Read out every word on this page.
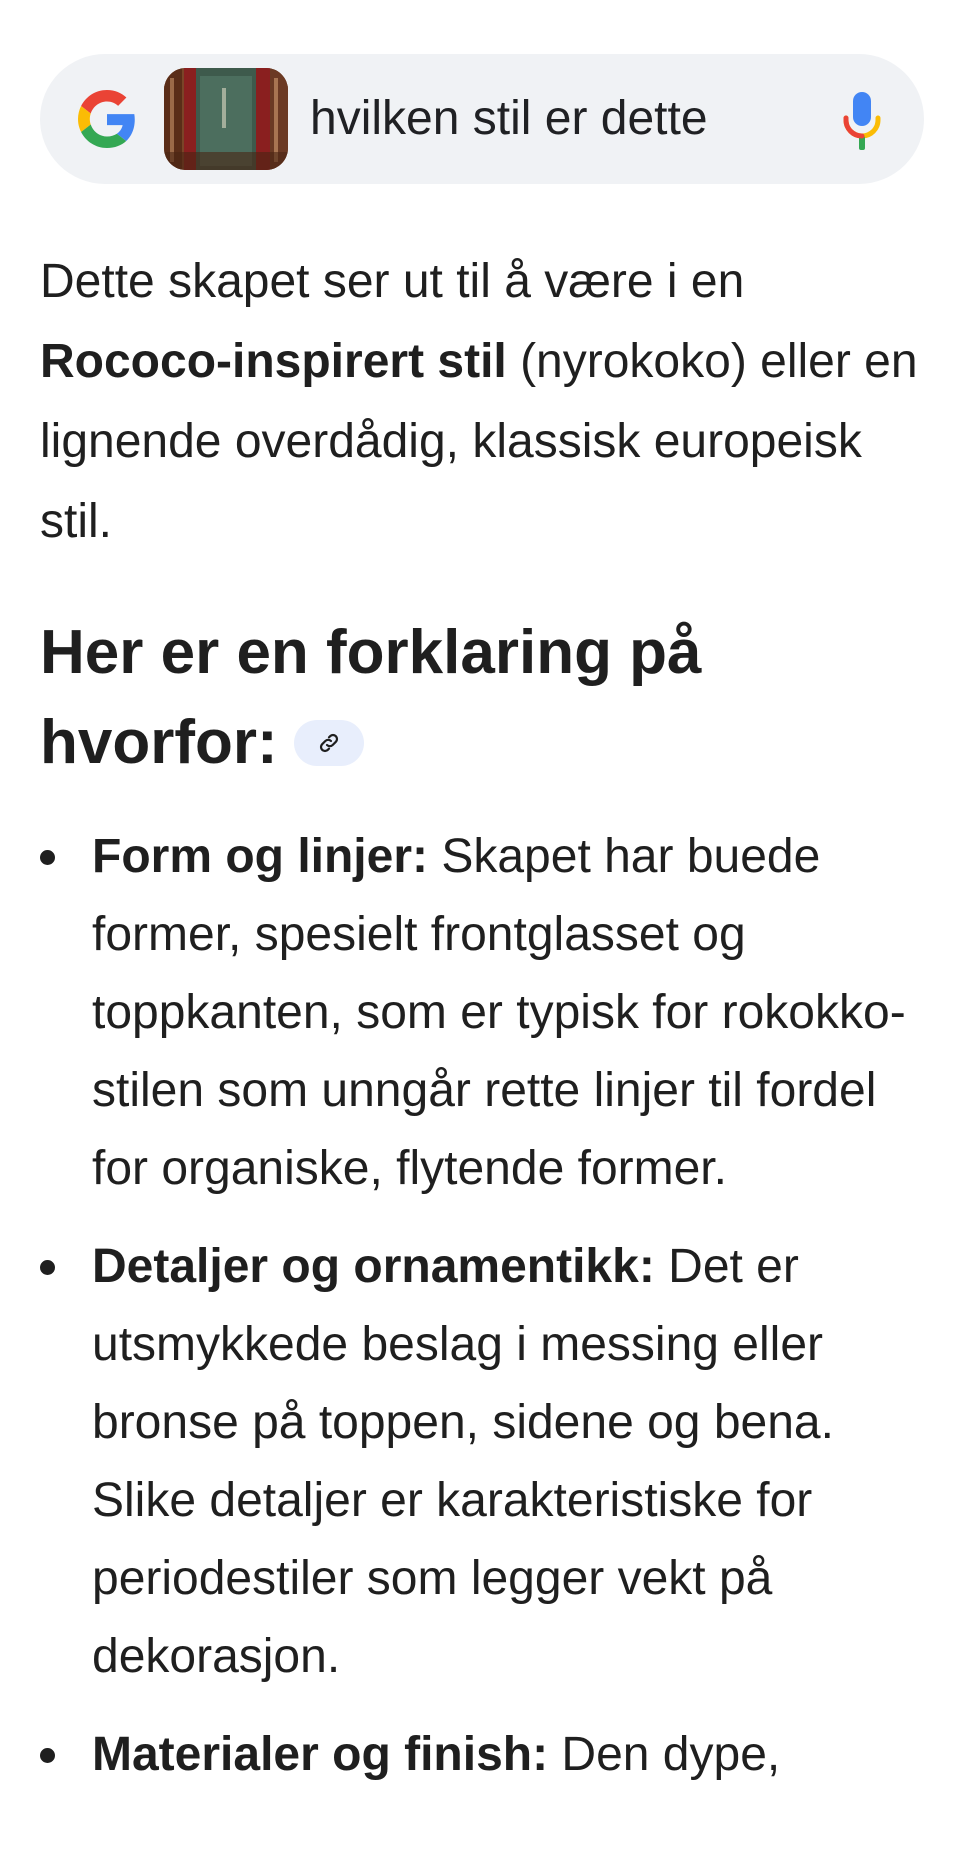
hvilken stil er dette

Dette skapet ser ut til å være i en Rococo-inspirert stil (nyrokoko) eller en lignende overdådig, klassisk europeisk stil.

Her er en forklaring på hvorfor:
Form og linjer: Skapet har buede former, spesielt frontglasset og toppkanten, som er typisk for rokokko-stilen som unngår rette linjer til fordel for organiske, flytende former.
Detaljer og ornamentikk: Det er utsmykkede beslag i messing eller bronse på toppen, sidene og bena. Slike detaljer er karakteristiske for periodestiler som legger vekt på dekorasjon.
Materialer og finish: Den dype,
